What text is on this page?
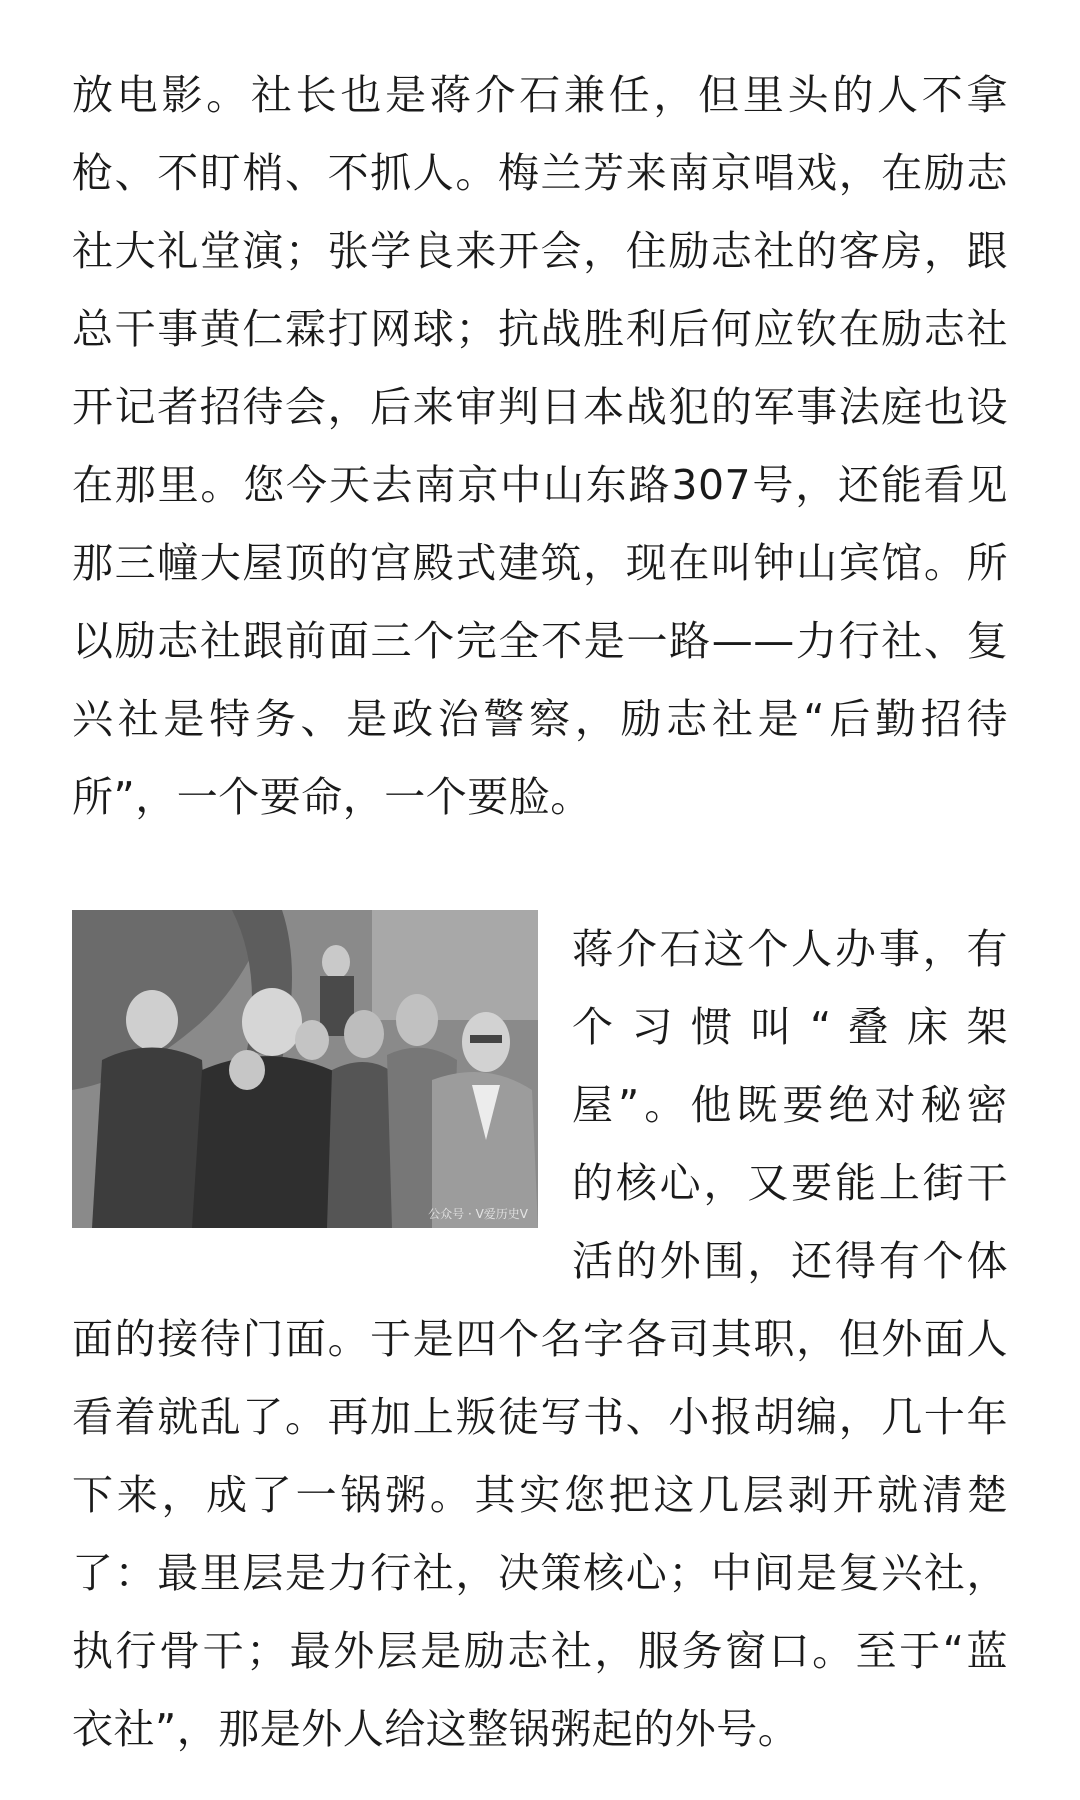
放电影。社长也是蒋介石兼任，但里头的人不拿
枪、不盯梢、不抓人。梅兰芳来南京唱戏，在励志
社大礼堂演；张学良来开会，住励志社的客房，跟
总干事黄仁霖打网球；抗战胜利后何应钦在励志社
开记者招待会，后来审判日本战犯的军事法庭也设
在那里。您今天去南京中山东路307号，还能看见
那三幢大屋顶的宫殿式建筑，现在叫钟山宾馆。所
以励志社跟前面三个完全不是一路——力行社、复
兴社是特务、是政治警察，励志社是“后勤招待
所”，一个要命，一个要脸。
公众号 · V爱历史V
蒋介石这个人办事，有
个 习 惯 叫 “ 叠 床 架
屋”。他既要绝对秘密
的核心，又要能上街干
活的外围，还得有个体
面的接待门面。于是四个名字各司其职，但外面人
看着就乱了。再加上叛徒写书、小报胡编，几十年
下来，成了一锅粥。其实您把这几层剥开就清楚
了：最里层是力行社，决策核心；中间是复兴社，
执行骨干；最外层是励志社，服务窗口。至于“蓝
衣社”，那是外人给这整锅粥起的外号。
